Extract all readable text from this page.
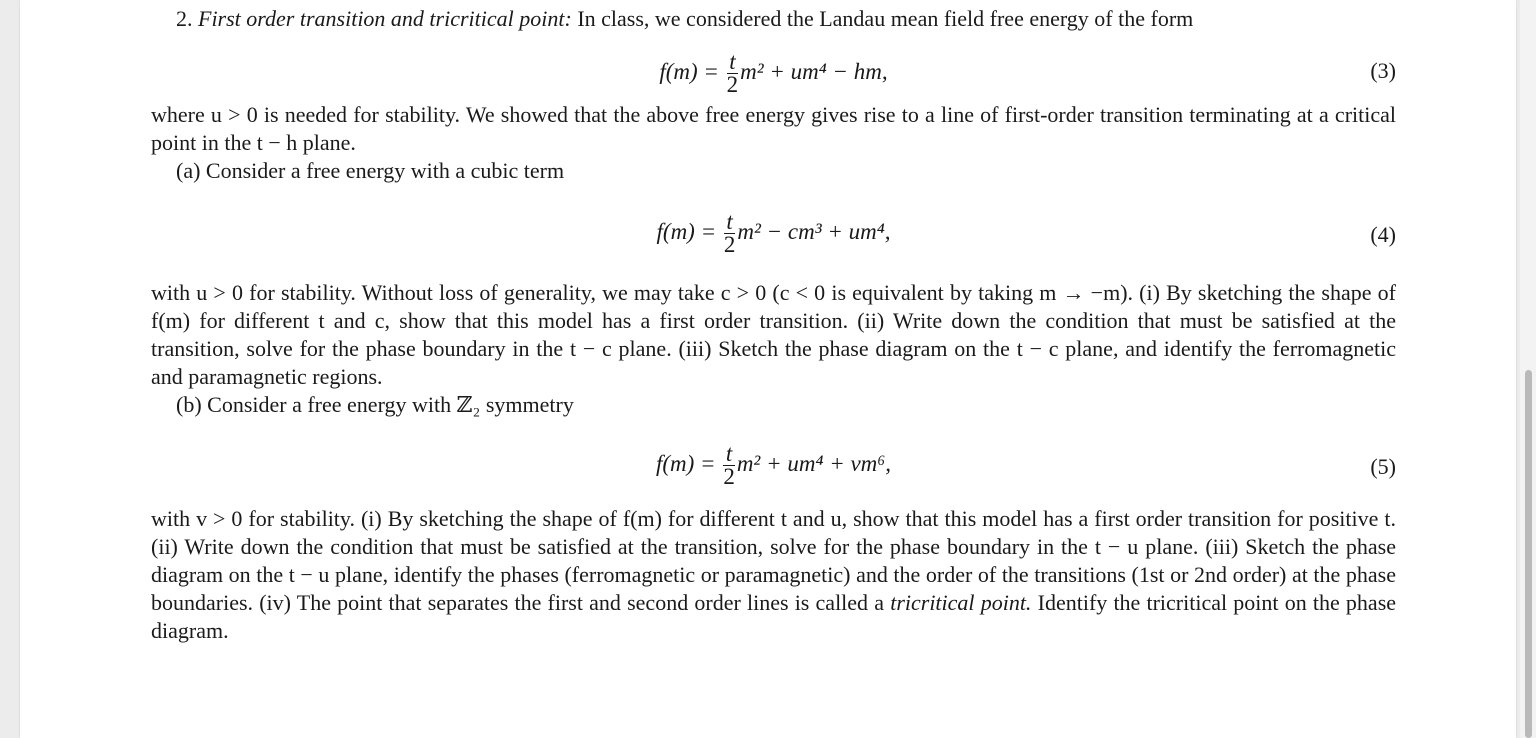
2. First order transition and tricritical point: In class, we considered the Landau mean field free energy of the form

$f(m) = \frac{t}{2} m^2 + um^4$ − hm,	(3)

where u > 0 is needed for stability. We showed that the above free energy gives rise to a line of first-order transition terminating at a critical point in the t − h plane.

(a) Consider a free energy with a cubic term

$f(m) = \frac{t}{2} m^2 - cm^3 + um^4$,	(4)

with u > 0 for stability. Without loss of generality, we may take c > 0 (c < 0 is equivalent by taking m → −m). (i) By sketching the shape of f(m) for different t and c, show that this model has a first order transition. (ii) Write down the condition that must be satisfied at the transition, solve for the phase boundary in the t − c plane. (iii) Sketch the phase diagram on the t − c plane, and identify the ferromagnetic and paramagnetic regions.

(b) Consider a free energy with ℤ₂ symmetry

$f(m) = \frac{t}{2} m^2 + um^4 + vm^6$,	(5)

with v > 0 for stability. (i) By sketching the shape of f(m) for different t and u, show that this model has a first order transition for positive t. (ii) Write down the condition that must be satisfied at the transition, solve for the phase boundary in the t − u plane. (iii) Sketch the phase diagram on the t − u plane, identify the phases (ferromagnetic or paramagnetic) and the order of the transitions (1st or 2nd order) at the phase boundaries. (iv) The point that separates the first and second order lines is called a tricritical point. Identify the tricritical point on the phase diagram.
